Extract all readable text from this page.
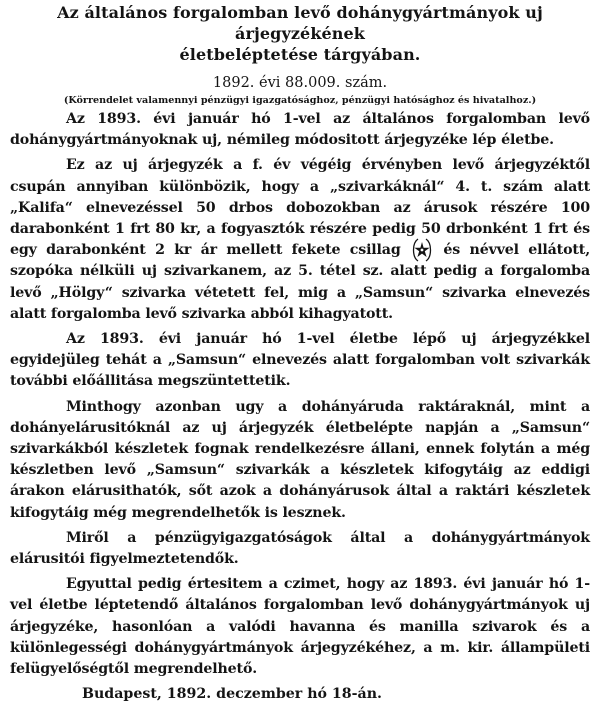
Az általános forgalomban levő dohánygyártmányok uj árjegyzékének
életbeléptetése tárgyában.
1892. évi 88.009. szám.
(Körrendelet valamennyi pénzügyi igazgatósághoz, pénzügyi hatósághoz és hivatalhoz.)

Az 1893. évi január hó 1-vel az általános forgalomban levő dohánygyártmányoknak uj, némileg módositott árjegyzéke lép életbe.

Ez az uj árjegyzék a f. év végéig érvényben levő árjegyzéktől csupán annyiban különbözik, hogy a „szivarkáknál“ 4. t. szám alatt „Kalifa“ elnevezéssel 50 drbos dobozokban az árusok részére 100 darabonként 1 frt 80 kr, a fogyasztók részére pedig 50 drbonként 1 frt és egy darabonként 2 kr ár mellett fekete csillag	és névvel ellátott, szopóka nélküli uj szivarkanem, az 5. tétel sz. alatt pedig a forgalomba levő „Hölgy“ szivarka vétetett fel, mig a „Samsun“ szivarka elnevezés alatt forgalomba levő szivarka abból kihagyatott.

Az 1893. évi január hó 1-vel életbe lépő uj árjegyzékkel egyidejüleg tehát a „Samsun“ elnevezés alatt forgalomban volt szivarkák további előállitása megszüntettetik.

Minthogy azonban ugy a dohányáruda raktáraknál, mint a dohányelárusitóknál az uj árjegyzék életbelépte napján a „Samsun“ szivarkákból készletek fognak rendelkezésre állani, ennek folytán a még készletben levő „Samsun“ szivarkák a készletek kifogytáig az eddigi árakon elárusithatók, sőt azok a dohányárusok által a raktári készletek kifogytáig még megrendelhetők is lesznek.

Miről a pénzügyigazgatóságok által a dohánygyártmányok elárusitói figyelmeztetendők.

Egyuttal pedig értesitem a czimet, hogy az 1893. évi január hó 1-vel életbe léptetendő általános forgalomban levő dohánygyártmányok uj árjegyzéke, hasonlóan a valódi havanna és manilla szivarok és a különlegességi dohánygyártmányok árjegyzékéhez, a m. kir. állampületi felügyelőségtől megrendelhető.

Budapest, 1892. deczember hó 18-án.
